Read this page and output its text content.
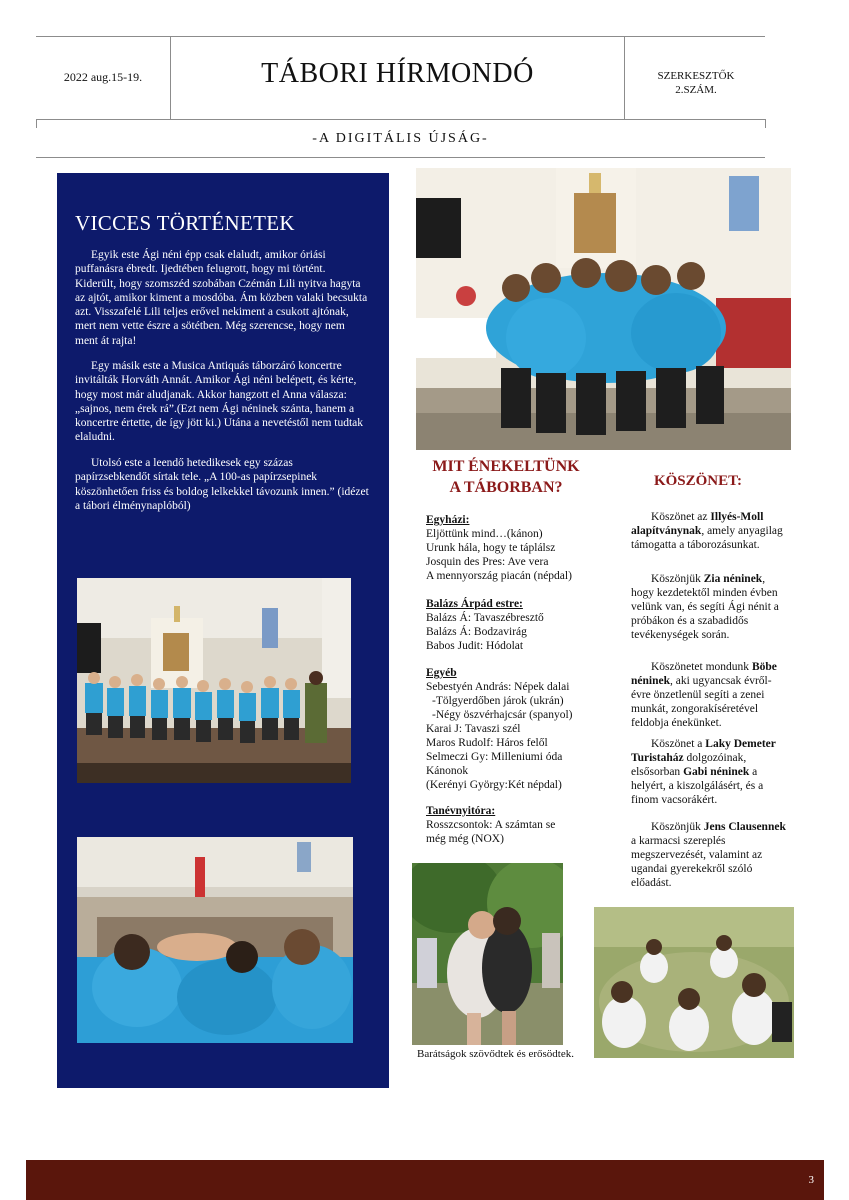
2022 aug.15-19.	TÁBORI HÍRMONDÓ	SZERKESZTŐK
2.SZÁM.
-A DIGITÁLIS ÚJSÁG-
VICCES TÖRTÉNETEK

Egyik este Ági néni épp csak elaludt, amikor óriási puffanásra ébredt. Ijedtében felugrott, hogy mi történt. Kiderült, hogy szomszéd szobában Czémán Lili nyitva hagyta az ajtót, amikor kiment a mosdóba. Ám közben valaki becsukta azt. Visszafelé Lili teljes erővel nekiment a csukott ajtónak, mert nem vette észre a sötétben. Még szerencse, hogy nem ment át rajta!

Egy másik este a Musica Antiquás táborzáró koncertre invitálták Horváth Annát. Amikor Ági néni belépett, és kérte, hogy most már aludjanak. Akkor hangzott el Anna válasza: „sajnos, nem érek rá”.(Ezt nem Ági néninek szánta, hanem a koncertre értette, de így jött ki.) Utána a nevetéstől nem tudtak elaludni.

Utolsó este a leendő hetedikesek egy százas papírzsebkendőt sírtak tele. „A 100-as papírzsepinek köszönhetően friss és boldog lelkekkel távozunk innen.” (idézet a tábori élménynaplóból)

MIT ÉNEKELTÜNK
A TÁBORBAN?
Egyházi:
Eljöttünk mind…(kánon)
Urunk hála, hogy te táplálsz
Josquin des Pres: Ave vera
A mennyország piacán (népdal)
Balázs Árpád estre:
Balázs Á: Tavaszébresztő
Balázs Á: Bodzavirág
Babos Judit: Hódolat
Egyéb
Sebestyén András: Népek dalai
-Tölgyerdőben járok (ukrán)
-Négy öszvérhajcsár (spanyol)
Karai J: Tavaszi szél
Maros Rudolf: Háros felől
Selmeczi Gy: Milleniumi óda
Kánonok
(Kerényi György:Két népdal)
Tanévnyitóra:
Rosszcsontok: A számtan se
még még (NOX)
Barátságok szövődtek és erősödtek.
KÖSZÖNET:

Köszönet az Illyés-Moll alapítványnak, amely anyagilag támogatta a táborozásunkat.

Köszönjük Zia néninek, hogy kezdetektől minden évben velünk van, és segíti Ági nénit a próbákon és a szabadidős tevékenységek során.

Köszönetet mondunk Böbe néninek, aki ugyancsak évről-évre önzetlenül segíti a zenei munkát, zongorakíséretével feldobja énekünket.

Köszönet a Laky Demeter Turistaház dolgozóinak, elsősorban Gabi néninek a helyért, a kiszolgálásért, és a finom vacsorákért.

Köszönjük Jens Clausennek a karmacsi szereplés megszervezését, valamint az ugandai gyerekekről szóló előadást.

3
